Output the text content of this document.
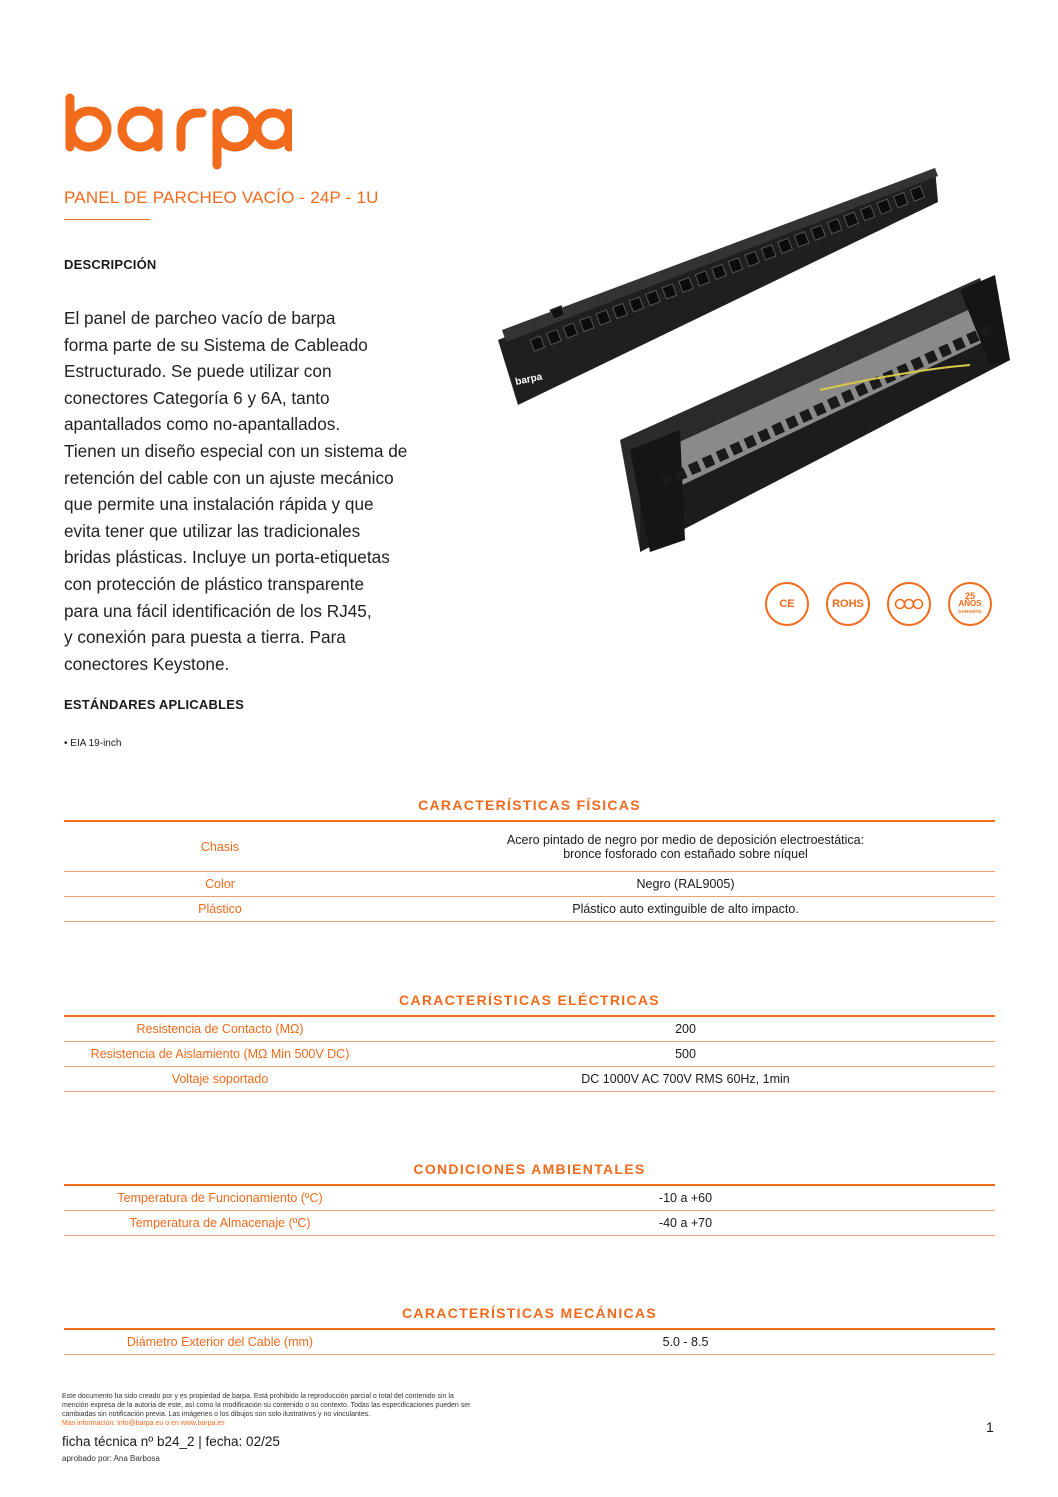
PANEL DE PARCHEO VACÍO - 24P - 1U
DESCRIPCIÓN
El panel de parcheo vacío de barpa
forma parte de su Sistema de Cableado
Estructurado. Se puede utilizar con
conectores Categoría 6 y 6A, tanto
apantallados como no-apantallados.
Tienen un diseño especial con un sistema de
retención del cable con un ajuste mecánico
que permite una instalación rápida y que
evita tener que utilizar las tradicionales
bridas plásticas. Incluye un porta-etiquetas
con protección de plástico transparente
para una fácil identificación de los RJ45,
y conexión para puesta a tierra. Para
conectores Keystone.
ESTÁNDARES APLICABLES
• EIA 19-inch
barpa
CE	ROHS
25
AÑOS
GARANTÍA
CARACTERÍSTICAS FÍSICAS
Chasis	Acero pintado de negro por medio de deposición electroestática:
bronce fosforado con estañado sobre níquel
Color	Negro (RAL9005)
Plástico	Plástico auto extinguible de alto impacto.
CARACTERÍSTICAS ELÉCTRICAS
Resistencia de Contacto (MΩ)	200
Resistencia de Aislamiento (MΩ Min 500V DC)	500
Voltaje soportado	DC 1000V AC 700V RMS 60Hz, 1min
CONDICIONES AMBIENTALES
Temperatura de Funcionamiento (ºC)	-10 a +60
Temperatura de Almacenaje (ºC)	-40 a +70
CARACTERÍSTICAS MECÁNICAS
Diámetro Exterior del Cable (mm)	5.0 - 8.5
Este documento ha sido creado por y es propiedad de barpa. Está prohibido la reproducción parcial o total del contenido sin la
mención expresa de la autoría de este, así como la modificación su contenido o su contexto. Todas las especificaciones pueden ser
cambiadas sin notificación previa. Las imágenes o los dibujos son solo ilustrativos y no vinculantes.
Más información: info@barpa.eu o en www.barpa.es
ficha técnica nº b24_2 | fecha: 02/25
aprobado por: Ana Barbosa
1
